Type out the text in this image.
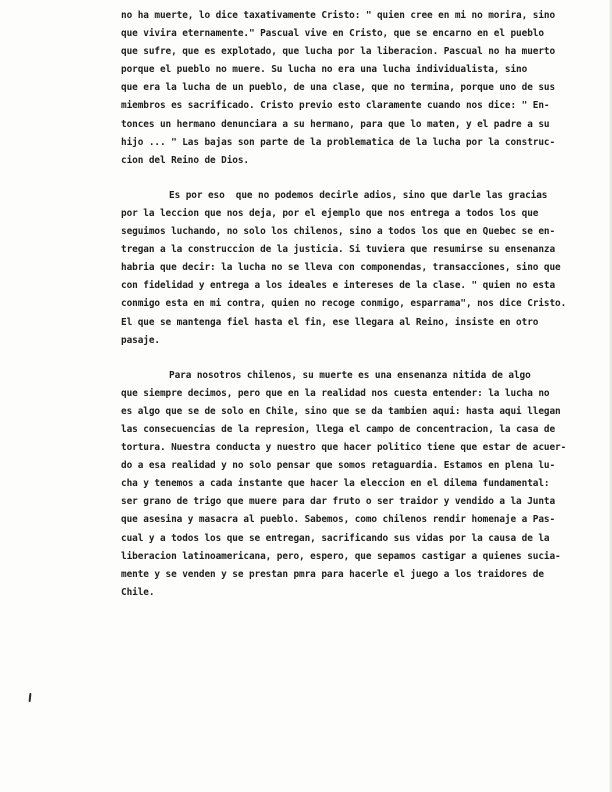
no ha muerte, lo dice taxativamente Cristo: " quien cree en mi no morira, sino
que vivira eternamente." Pascual vive en Cristo, que se encarno en el pueblo
que sufre, que es explotado, que lucha por la liberacion. Pascual no ha muerto
porque el pueblo no muere. Su lucha no era una lucha individualista, sino
que era la lucha de un pueblo, de una clase, que no termina, porque uno de sus
miembros es sacrificado. Cristo previo esto claramente cuando nos dice: " En-
tonces un hermano denunciara a su hermano, para que lo maten, y el padre a su
hijo ... " Las bajas son parte de la problematica de la lucha por la construc-
cion del Reino de Dios.

Es por eso  que no podemos decirle adios, sino que darle las gracias
por la leccion que nos deja, por el ejemplo que nos entrega a todos los que
seguimos luchando, no solo los chilenos, sino a todos los que en Quebec se en-
tregan a la construccion de la justicia. Si tuviera que resumirse su ensenanza
habria que decir: la lucha no se lleva con componendas, transacciones, sino que
con fidelidad y entrega a los ideales e intereses de la clase. " quien no esta
conmigo esta en mi contra, quien no recoge conmigo, esparrama", nos dice Cristo.
El que se mantenga fiel hasta el fin, ese llegara al Reino, insiste en otro
pasaje.

Para nosotros chilenos, su muerte es una ensenanza nitida de algo
que siempre decimos, pero que en la realidad nos cuesta entender: la lucha no
es algo que se de solo en Chile, sino que se da tambien aqui: hasta aqui llegan
las consecuencias de la represion, llega el campo de concentracion, la casa de
tortura. Nuestra conducta y nuestro que hacer politico tiene que estar de acuer-
do a esa realidad y no solo pensar que somos retaguardia. Estamos en plena lu-
cha y tenemos a cada instante que hacer la eleccion en el dilema fundamental:
ser grano de trigo que muere para dar fruto o ser traidor y vendido a la Junta
que asesina y masacra al pueblo. Sabemos, como chilenos rendir homenaje a Pas-
cual y a todos los que se entregan, sacrificando sus vidas por la causa de la
liberacion latinoamericana, pero, espero, que sepamos castigar a quienes sucia-
mente y se venden y se prestan pmra para hacerle el juego a los traidores de
Chile.
